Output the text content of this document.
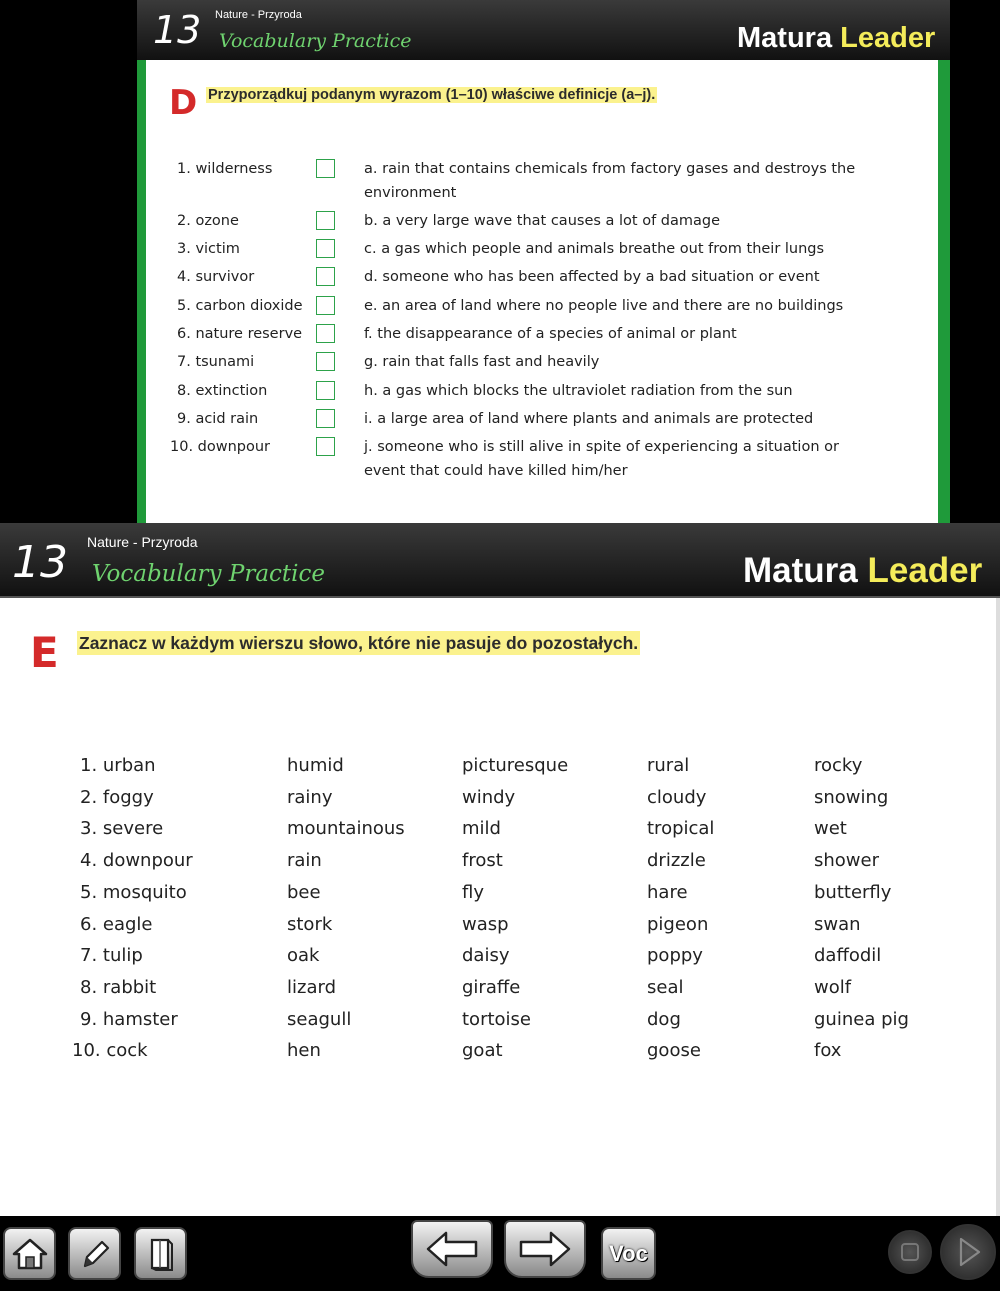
13 Nature - Przyroda
Vocabulary Practice	Matura Leader
D Przyporządkuj podanym wyrazom (1–10) właściwe definicje (a–j).
1. wilderness	a. rain that contains chemicals from factory gases and destroys the environment
2. ozone	b. a very large wave that causes a lot of damage
3. victim	c. a gas which people and animals breathe out from their lungs
4. survivor	d. someone who has been affected by a bad situation or event
5. carbon dioxide	e. an area of land where no people live and there are no buildings
6. nature reserve	f. the disappearance of a species of animal or plant
7. tsunami	g. rain that falls fast and heavily
8. extinction	h. a gas which blocks the ultraviolet radiation from the sun
9. acid rain	i. a large area of land where plants and animals are protected
10. downpour	j. someone who is still alive in spite of experiencing a situation or event that could have killed him/her
13 Nature - Przyroda
Vocabulary Practice	Matura Leader
E Zaznacz w każdym wierszu słowo, które nie pasuje do pozostałych.
1. urban	humid	picturesque	rural	rocky
2. foggy	rainy	windy	cloudy	snowing
3. severe	mountainous	mild	tropical	wet
4. downpour	rain	frost	drizzle	shower
5. mosquito	bee	fly	hare	butterfly
6. eagle	stork	wasp	pigeon	swan
7. tulip	oak	daisy	poppy	daffodil
8. rabbit	lizard	giraffe	seal	wolf
9. hamster	seagull	tortoise	dog	guinea pig
10. cock	hen	goat	goose	fox
Voc
